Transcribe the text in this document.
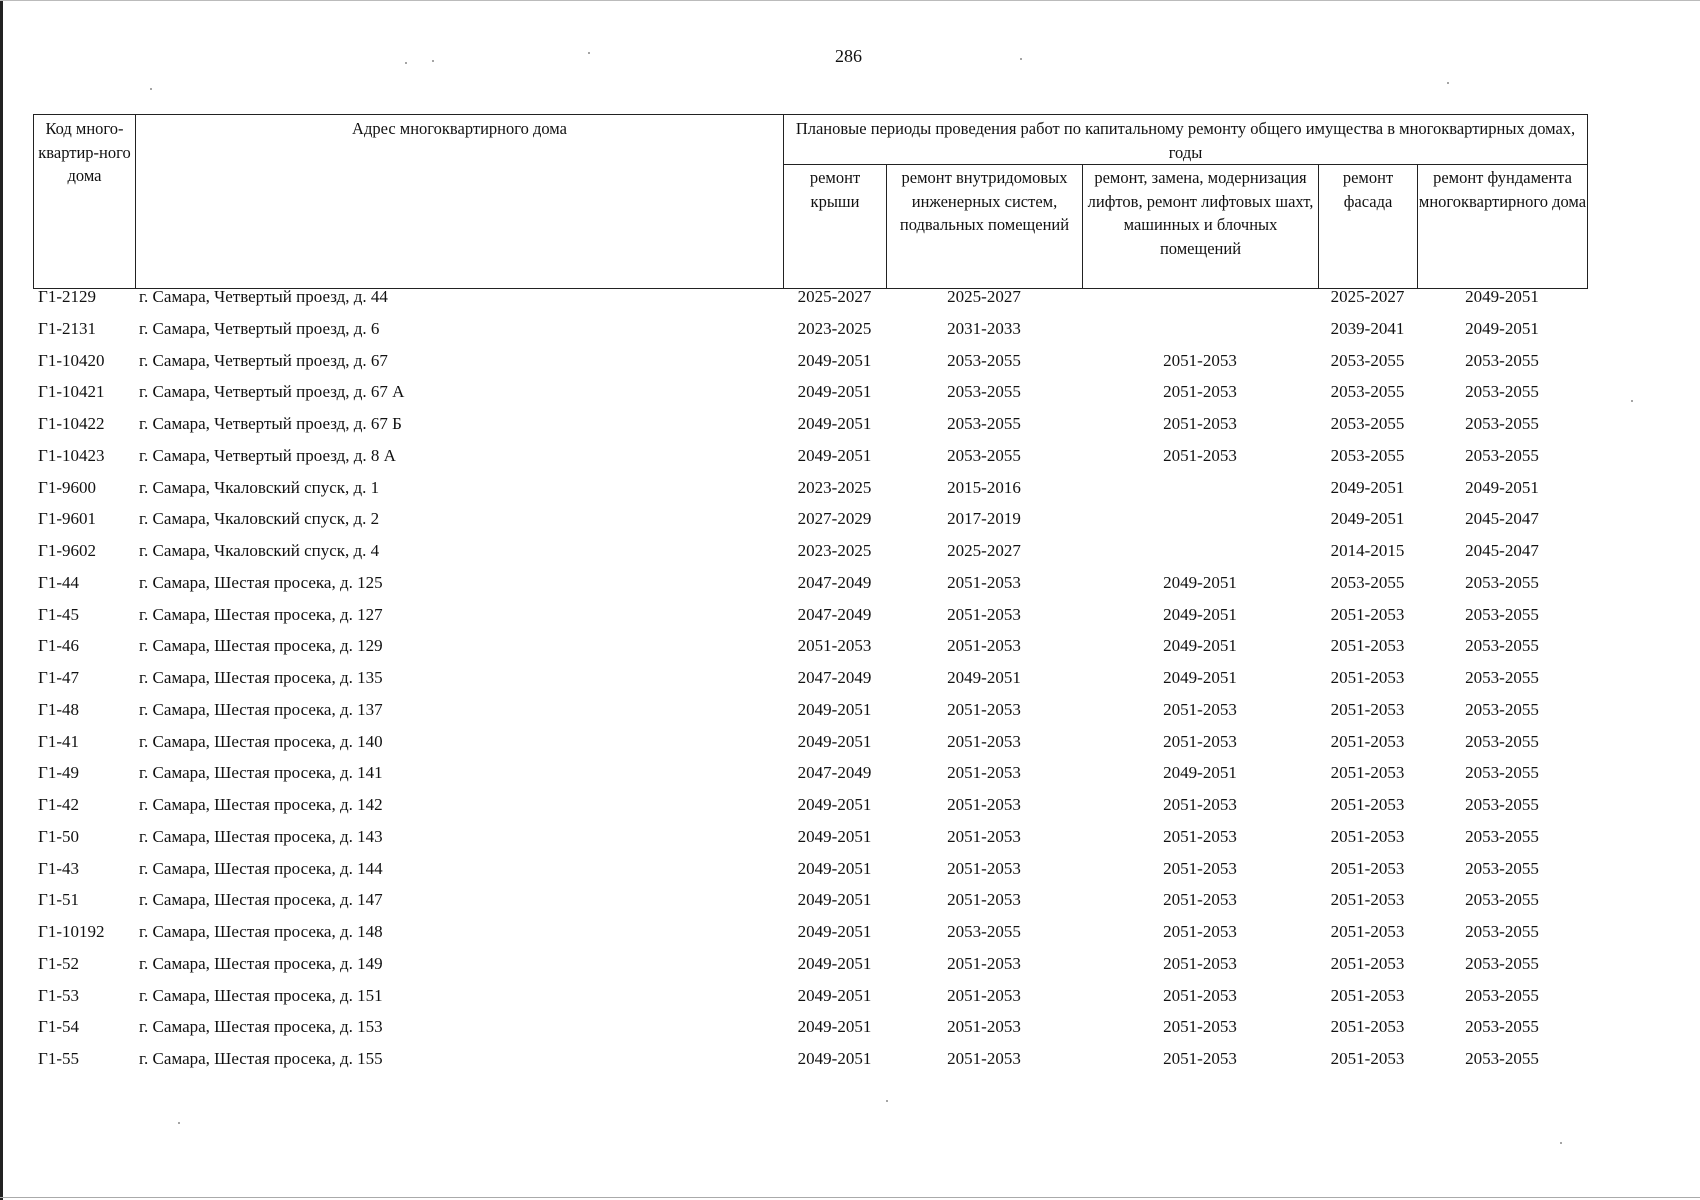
286
Код много-квартир-ного дома	Адрес многоквартирного дома	Плановые периоды проведения работ по капитальному ремонту общего имущества в многоквартирных домах, годы				
		ремонт крыши	ремонт внутридомовых инженерных систем, подвальных помещений	ремонт, замена, модернизация лифтов, ремонт лифтовых шахт, машинных и блочных помещений	ремонт фасада	ремонт фундамента многоквартирного дома
Г1-2129	г. Самара, Четвертый проезд, д. 44	2025-2027	2025-2027		2025-2027	2049-2051
Г1-2131	г. Самара, Четвертый проезд, д. 6	2023-2025	2031-2033		2039-2041	2049-2051
Г1-10420	г. Самара, Четвертый проезд, д. 67	2049-2051	2053-2055	2051-2053	2053-2055	2053-2055
Г1-10421	г. Самара, Четвертый проезд, д. 67 А	2049-2051	2053-2055	2051-2053	2053-2055	2053-2055
Г1-10422	г. Самара, Четвертый проезд, д. 67 Б	2049-2051	2053-2055	2051-2053	2053-2055	2053-2055
Г1-10423	г. Самара, Четвертый проезд, д. 8 А	2049-2051	2053-2055	2051-2053	2053-2055	2053-2055
Г1-9600	г. Самара, Чкаловский спуск, д. 1	2023-2025	2015-2016		2049-2051	2049-2051
Г1-9601	г. Самара, Чкаловский спуск, д. 2	2027-2029	2017-2019		2049-2051	2045-2047
Г1-9602	г. Самара, Чкаловский спуск, д. 4	2023-2025	2025-2027		2014-2015	2045-2047
Г1-44	г. Самара, Шестая просека, д. 125	2047-2049	2051-2053	2049-2051	2053-2055	2053-2055
Г1-45	г. Самара, Шестая просека, д. 127	2047-2049	2051-2053	2049-2051	2051-2053	2053-2055
Г1-46	г. Самара, Шестая просека, д. 129	2051-2053	2051-2053	2049-2051	2051-2053	2053-2055
Г1-47	г. Самара, Шестая просека, д. 135	2047-2049	2049-2051	2049-2051	2051-2053	2053-2055
Г1-48	г. Самара, Шестая просека, д. 137	2049-2051	2051-2053	2051-2053	2051-2053	2053-2055
Г1-41	г. Самара, Шестая просека, д. 140	2049-2051	2051-2053	2051-2053	2051-2053	2053-2055
Г1-49	г. Самара, Шестая просека, д. 141	2047-2049	2051-2053	2049-2051	2051-2053	2053-2055
Г1-42	г. Самара, Шестая просека, д. 142	2049-2051	2051-2053	2051-2053	2051-2053	2053-2055
Г1-50	г. Самара, Шестая просека, д. 143	2049-2051	2051-2053	2051-2053	2051-2053	2053-2055
Г1-43	г. Самара, Шестая просека, д. 144	2049-2051	2051-2053	2051-2053	2051-2053	2053-2055
Г1-51	г. Самара, Шестая просека, д. 147	2049-2051	2051-2053	2051-2053	2051-2053	2053-2055
Г1-10192	г. Самара, Шестая просека, д. 148	2049-2051	2053-2055	2051-2053	2051-2053	2053-2055
Г1-52	г. Самара, Шестая просека, д. 149	2049-2051	2051-2053	2051-2053	2051-2053	2053-2055
Г1-53	г. Самара, Шестая просека, д. 151	2049-2051	2051-2053	2051-2053	2051-2053	2053-2055
Г1-54	г. Самара, Шестая просека, д. 153	2049-2051	2051-2053	2051-2053	2051-2053	2053-2055
Г1-55	г. Самара, Шестая просека, д. 155	2049-2051	2051-2053	2051-2053	2051-2053	2053-2055
